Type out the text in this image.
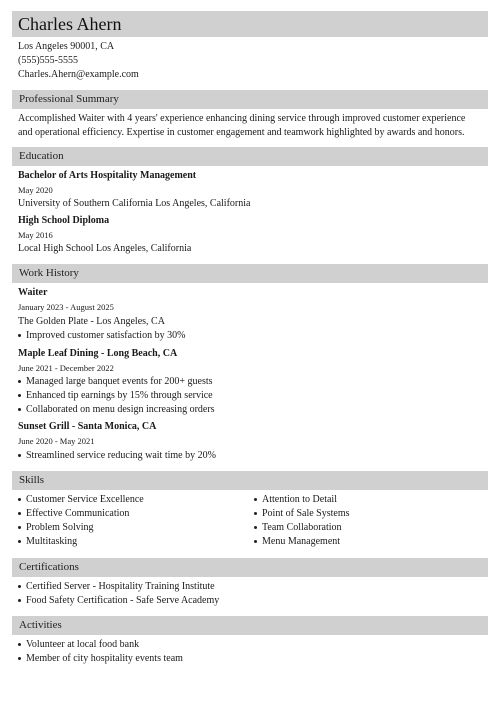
Charles Ahern
Los Angeles 90001, CA
(555)555-5555
Charles.Ahern@example.com
Professional Summary
Accomplished Waiter with 4 years' experience enhancing dining service through improved customer experience and operational efficiency. Expertise in customer engagement and teamwork highlighted by awards and honors.
Education
Bachelor of Arts Hospitality Management
May 2020
University of Southern California Los Angeles, California
High School Diploma
May 2016
Local High School Los Angeles, California
Work History
Waiter
January 2023 - August 2025
The Golden Plate - Los Angeles, CA
Improved customer satisfaction by 30%
Maple Leaf Dining - Long Beach, CA
June 2021 - December 2022
Managed large banquet events for 200+ guests
Enhanced tip earnings by 15% through service
Collaborated on menu design increasing orders
Sunset Grill - Santa Monica, CA
June 2020 - May 2021
Streamlined service reducing wait time by 20%
Skills
Customer Service Excellence
Effective Communication
Problem Solving
Multitasking
Attention to Detail
Point of Sale Systems
Team Collaboration
Menu Management
Certifications
Certified Server - Hospitality Training Institute
Food Safety Certification - Safe Serve Academy
Activities
Volunteer at local food bank
Member of city hospitality events team
